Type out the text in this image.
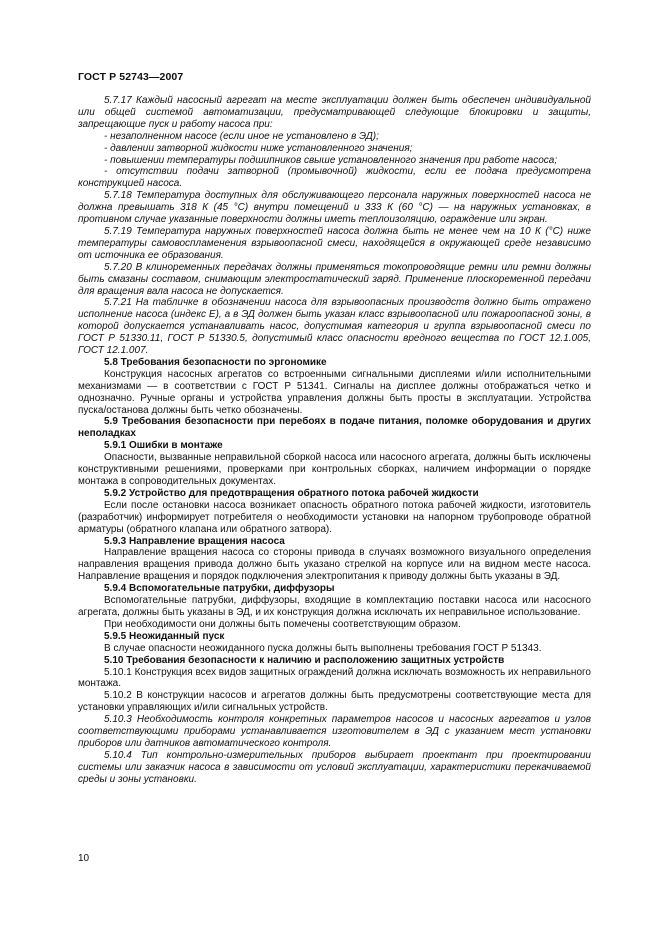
ГОСТ Р 52743—2007

5.7.17 Каждый насосный агрегат на месте эксплуатации должен быть обеспечен индивидуальной или общей системой автоматизации, предусматривающей следующие блокировки и защиты, запрещающие пуск и работу насоса при:

- незаполненном насосе (если иное не установлено в ЭД);

- давлении затворной жидкости ниже установленного значения;

- повышении температуры подшипников свыше установленного значения при работе насоса;

- отсутствии подачи затворной (промывочной) жидкости, если ее подача предусмотрена конструкцией насоса.

5.7.18 Температура доступных для обслуживающего персонала наружных поверхностей насоса не должна превышать 318 К (45 °С) внутри помещений и 333 К (60 °С) — на наружных установках, в противном случае указанные поверхности должны иметь теплоизоляцию, ограждение или экран.

5.7.19 Температура наружных поверхностей насоса должна быть не менее чем на 10 К (°С) ниже температуры самовоспламенения взрывоопасной смеси, находящейся в окружающей среде независимо от источника ее образования.

5.7.20 В клиноременных передачах должны применяться токопроводящие ремни или ремни должны быть смазаны составом, снимающим электростатический заряд. Применение плоскоременной передачи для вращения вала насоса не допускается.

5.7.21 На табличке в обозначении насоса для взрывоопасных производств должно быть отражено исполнение насоса (индекс Е), а в ЭД должен быть указан класс взрывоопасной или пожароопасной зоны, в которой допускается устанавливать насос, допустимая категория и группа взрывоопасной смеси по ГОСТ Р 51330.11, ГОСТ Р 51330.5, допустимый класс опасности вредного вещества по ГОСТ 12.1.005, ГОСТ 12.1.007.

5.8 Требования безопасности по эргономике

Конструкция насосных агрегатов со встроенными сигнальными дисплеями и/или исполнительными механизмами — в соответствии с ГОСТ Р 51341. Сигналы на дисплее должны отображаться четко и однозначно. Ручные органы и устройства управления должны быть просты в эксплуатации. Устройства пуска/останова должны быть четко обозначены.

5.9 Требования безопасности при перебоях в подаче питания, поломке оборудования и других неполадках

5.9.1 Ошибки в монтаже

Опасности, вызванные неправильной сборкой насоса или насосного агрегата, должны быть исключены конструктивными решениями, проверками при контрольных сборках, наличием информации о порядке монтажа в сопроводительных документах.

5.9.2 Устройство для предотвращения обратного потока рабочей жидкости

Если после остановки насоса возникает опасность обратного потока рабочей жидкости, изготовитель (разработчик) информирует потребителя о необходимости установки на напорном трубопроводе обратной арматуры (обратного клапана или обратного затвора).

5.9.3 Направление вращения насоса

Направление вращения насоса со стороны привода в случаях возможного визуального определения направления вращения привода должно быть указано стрелкой на корпусе или на видном месте насоса. Направление вращения и порядок подключения электропитания к приводу должны быть указаны в ЭД.

5.9.4 Вспомогательные патрубки, диффузоры

Вспомогательные патрубки, диффузоры, входящие в комплектацию поставки насоса или насосного агрегата, должны быть указаны в ЭД, и их конструкция должна исключать их неправильное использование.

При необходимости они должны быть помечены соответствующим образом.

5.9.5 Неожиданный пуск

В случае опасности неожиданного пуска должны быть выполнены требования ГОСТ Р 51343.

5.10 Требования безопасности к наличию и расположению защитных устройств

5.10.1 Конструкция всех видов защитных ограждений должна исключать возможность их неправильного монтажа.

5.10.2 В конструкции насосов и агрегатов должны быть предусмотрены соответствующие места для установки управляющих и/или сигнальных устройств.

5.10.3 Необходимость контроля конкретных параметров насосов и насосных агрегатов и узлов соответствующими приборами устанавливается изготовителем в ЭД с указанием мест установки приборов или датчиков автоматического контроля.

5.10.4 Тип контрольно-измерительных приборов выбирает проектант при проектировании системы или заказчик насоса в зависимости от условий эксплуатации, характеристики перекачиваемой среды и зоны установки.

10
